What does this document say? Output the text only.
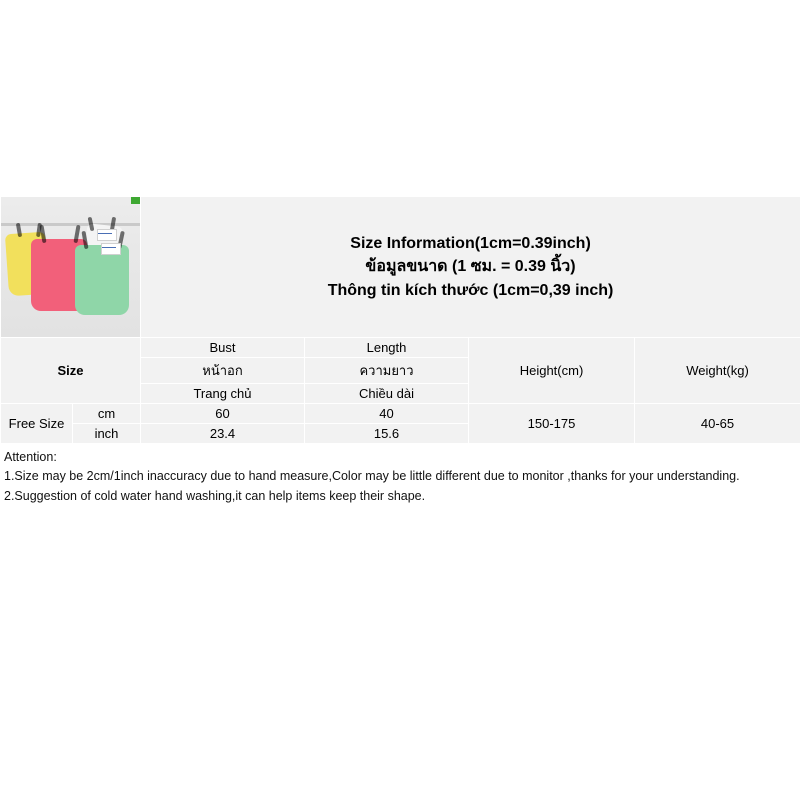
		Size Information(1cm=0.39inch)
ข้อมูลขนาด (1 ซม. = 0.39 นิ้ว)
Thông tin kích thước (1cm=0,39 inch)			

Size		Bust	Length	Height(cm)	Weight(kg)
		หน้าอก	ความยาว		
		Trang chủ	Chiều dài		
Free Size	cm	60	40	150-175	40-65
	inch	23.4	15.6		
Attention:
1.Size may be 2cm/1inch inaccuracy due to hand measure,Color may be little different due to monitor ,thanks for your understanding.
2.Suggestion of cold water hand washing,it can help items keep their shape.
